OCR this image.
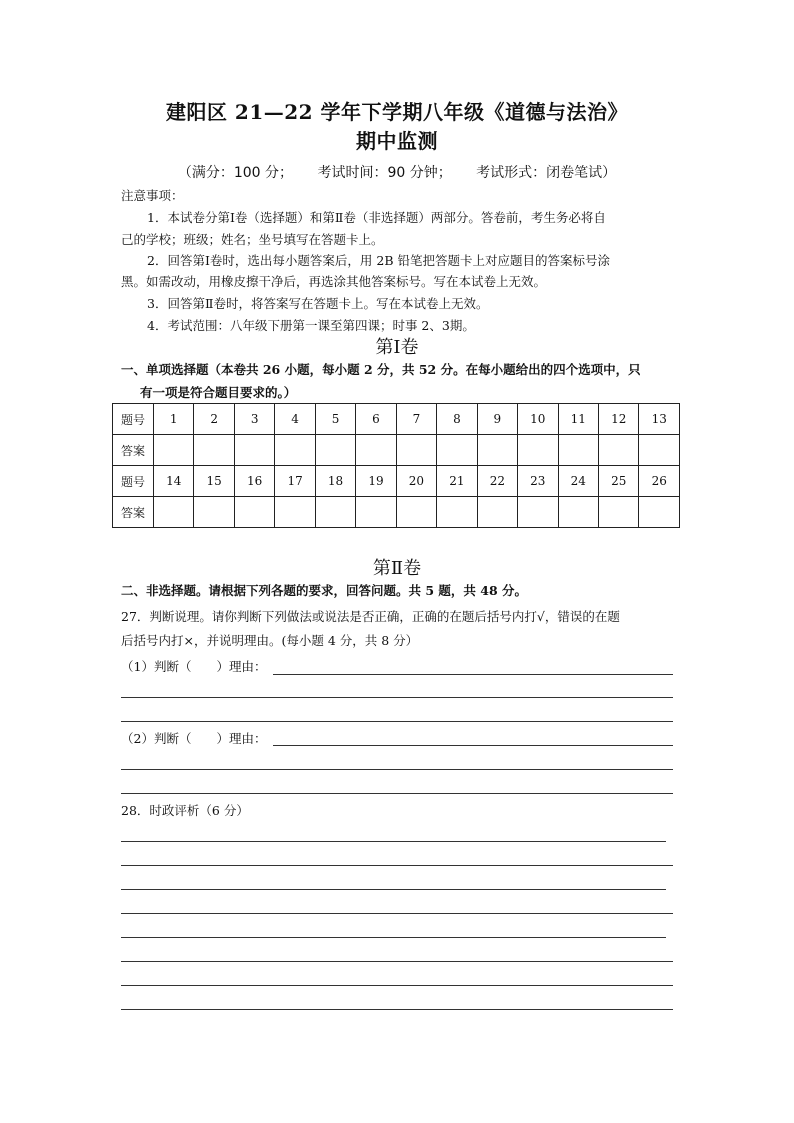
建阳区 21—22 学年下学期八年级《道德与法治》
期中监测
（满分：100 分； 考试时间：90 分钟； 考试形式：闭卷笔试）
注意事项：
1．本试卷分第Ⅰ卷（选择题）和第Ⅱ卷（非选择题）两部分。答卷前，考生务必将自
己的学校；班级；姓名；坐号填写在答题卡上。
2．回答第Ⅰ卷时，选出每小题答案后，用 2B 铅笔把答题卡上对应题目的答案标号涂
黑。如需改动，用橡皮擦干净后，再选涂其他答案标号。写在本试卷上无效。
3．回答第Ⅱ卷时，将答案写在答题卡上。写在本试卷上无效。
4．考试范围：八年级下册第一课至第四课；时事 2、3期。
第Ⅰ卷
一、单项选择题（本卷共 26 小题，每小题 2 分，共 52 分。在每小题给出的四个选项中，只
有一项是符合题目要求的。）
题号	1	2	3	4	5	6	7	8	9	10	11	12	13
答案													
题号	14	15	16	17	18	19	20	21	22	23	24	25	26
答案													
第Ⅱ卷
二、非选择题。请根据下列各题的要求，回答问题。共 5 题，共 48 分。
27．判断说理。请你判断下列做法或说法是否正确，正确的在题后括号内打√，错误的在题
后括号内打×，并说明理由。(每小题 4 分，共 8 分）
（1）判断（　　）理由：
（2）判断（　　）理由：
28．时政评析（6 分）
